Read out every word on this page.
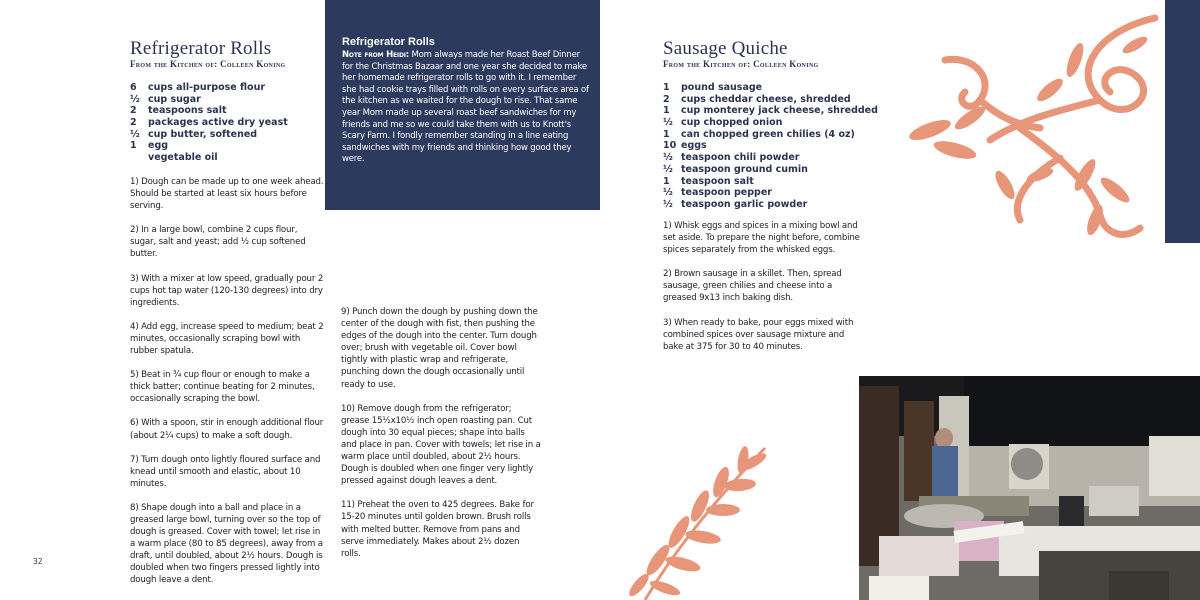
Refrigerator Rolls
From the Kitchen of: Colleen Koning
6	cups all-purpose flour
½ cup sugar
2	teaspoons salt
2	packages active dry yeast
½ cup butter, softened
1	egg
vegetable oil

1) Dough can be made up to one week ahead. Should be started at least six hours before serving.

2) In a large bowl, combine 2 cups flour, sugar, salt and yeast; add ½ cup softened butter.

3) With a mixer at low speed, gradually pour 2 cups hot tap water (120-130 degrees) into dry ingredients.

4) Add egg, increase speed to medium; beat 2 minutes, occasionally scraping bowl with rubber spatula.

5) Beat in ¾ cup flour or enough to make a thick batter; continue beating for 2 minutes, occasionally scraping the bowl.

6) With a spoon, stir in enough additional flour (about 2¼ cups) to make a soft dough.

7) Turn dough onto lightly floured surface and knead until smooth and elastic, about 10 minutes.

8) Shape dough into a ball and place in a greased large bowl, turning over so the top of dough is greased. Cover with towel; let rise in a warm place (80 to 85 degrees), away from a draft, until doubled, about 2½ hours. Dough is doubled when two fingers pressed lightly into dough leave a dent.

Refrigerator Rolls
Note from Heidi: Mom always made her Roast Beef Dinner for the Christmas Bazaar and one year she decided to make her homemade refrigerator rolls to go with it. I remember she had cookie trays filled with rolls on every surface area of the kitchen as we waited for the dough to rise. That same year Mom made up several roast beef sandwiches for my friends and me so we could take them with us to Knott's Scary Farm. I fondly remember standing in a line eating sandwiches with my friends and thinking how good they were.

9) Punch down the dough by pushing down the center of the dough with fist, then pushing the edges of the dough into the center. Turn dough over; brush with vegetable oil. Cover bowl tightly with plastic wrap and refrigerate, punching down the dough occasionally until ready to use.

10) Remove dough from the refrigerator; grease 15½x10½ inch open roasting pan. Cut dough into 30 equal pieces; shape into balls and place in pan. Cover with towels; let rise in a warm place until doubled, about 2½ hours. Dough is doubled when one finger very lightly pressed against dough leaves a dent.

11) Preheat the oven to 425 degrees. Bake for 15-20 minutes until golden brown. Brush rolls with melted butter. Remove from pans and serve immediately. Makes about 2½ dozen rolls.

32
Sausage Quiche
From the Kitchen of: Colleen Koning
1	pound sausage
2	cups cheddar cheese, shredded
1	cup monterey jack cheese, shredded
½ cup chopped onion
1	can chopped green chilies (4 oz)
10 eggs
½ teaspoon chili powder
½ teaspoon ground cumin
1	teaspoon salt
½ teaspoon pepper
½ teaspoon garlic powder

1) Whisk eggs and spices in a mixing bowl and set aside. To prepare the night before, combine spices separately from the whisked eggs.

2) Brown sausage in a skillet. Then, spread sausage, green chilies and cheese into a greased 9x13 inch baking dish.

3) When ready to bake, pour eggs mixed with combined spices over sausage mixture and bake at 375 for 30 to 40 minutes.
